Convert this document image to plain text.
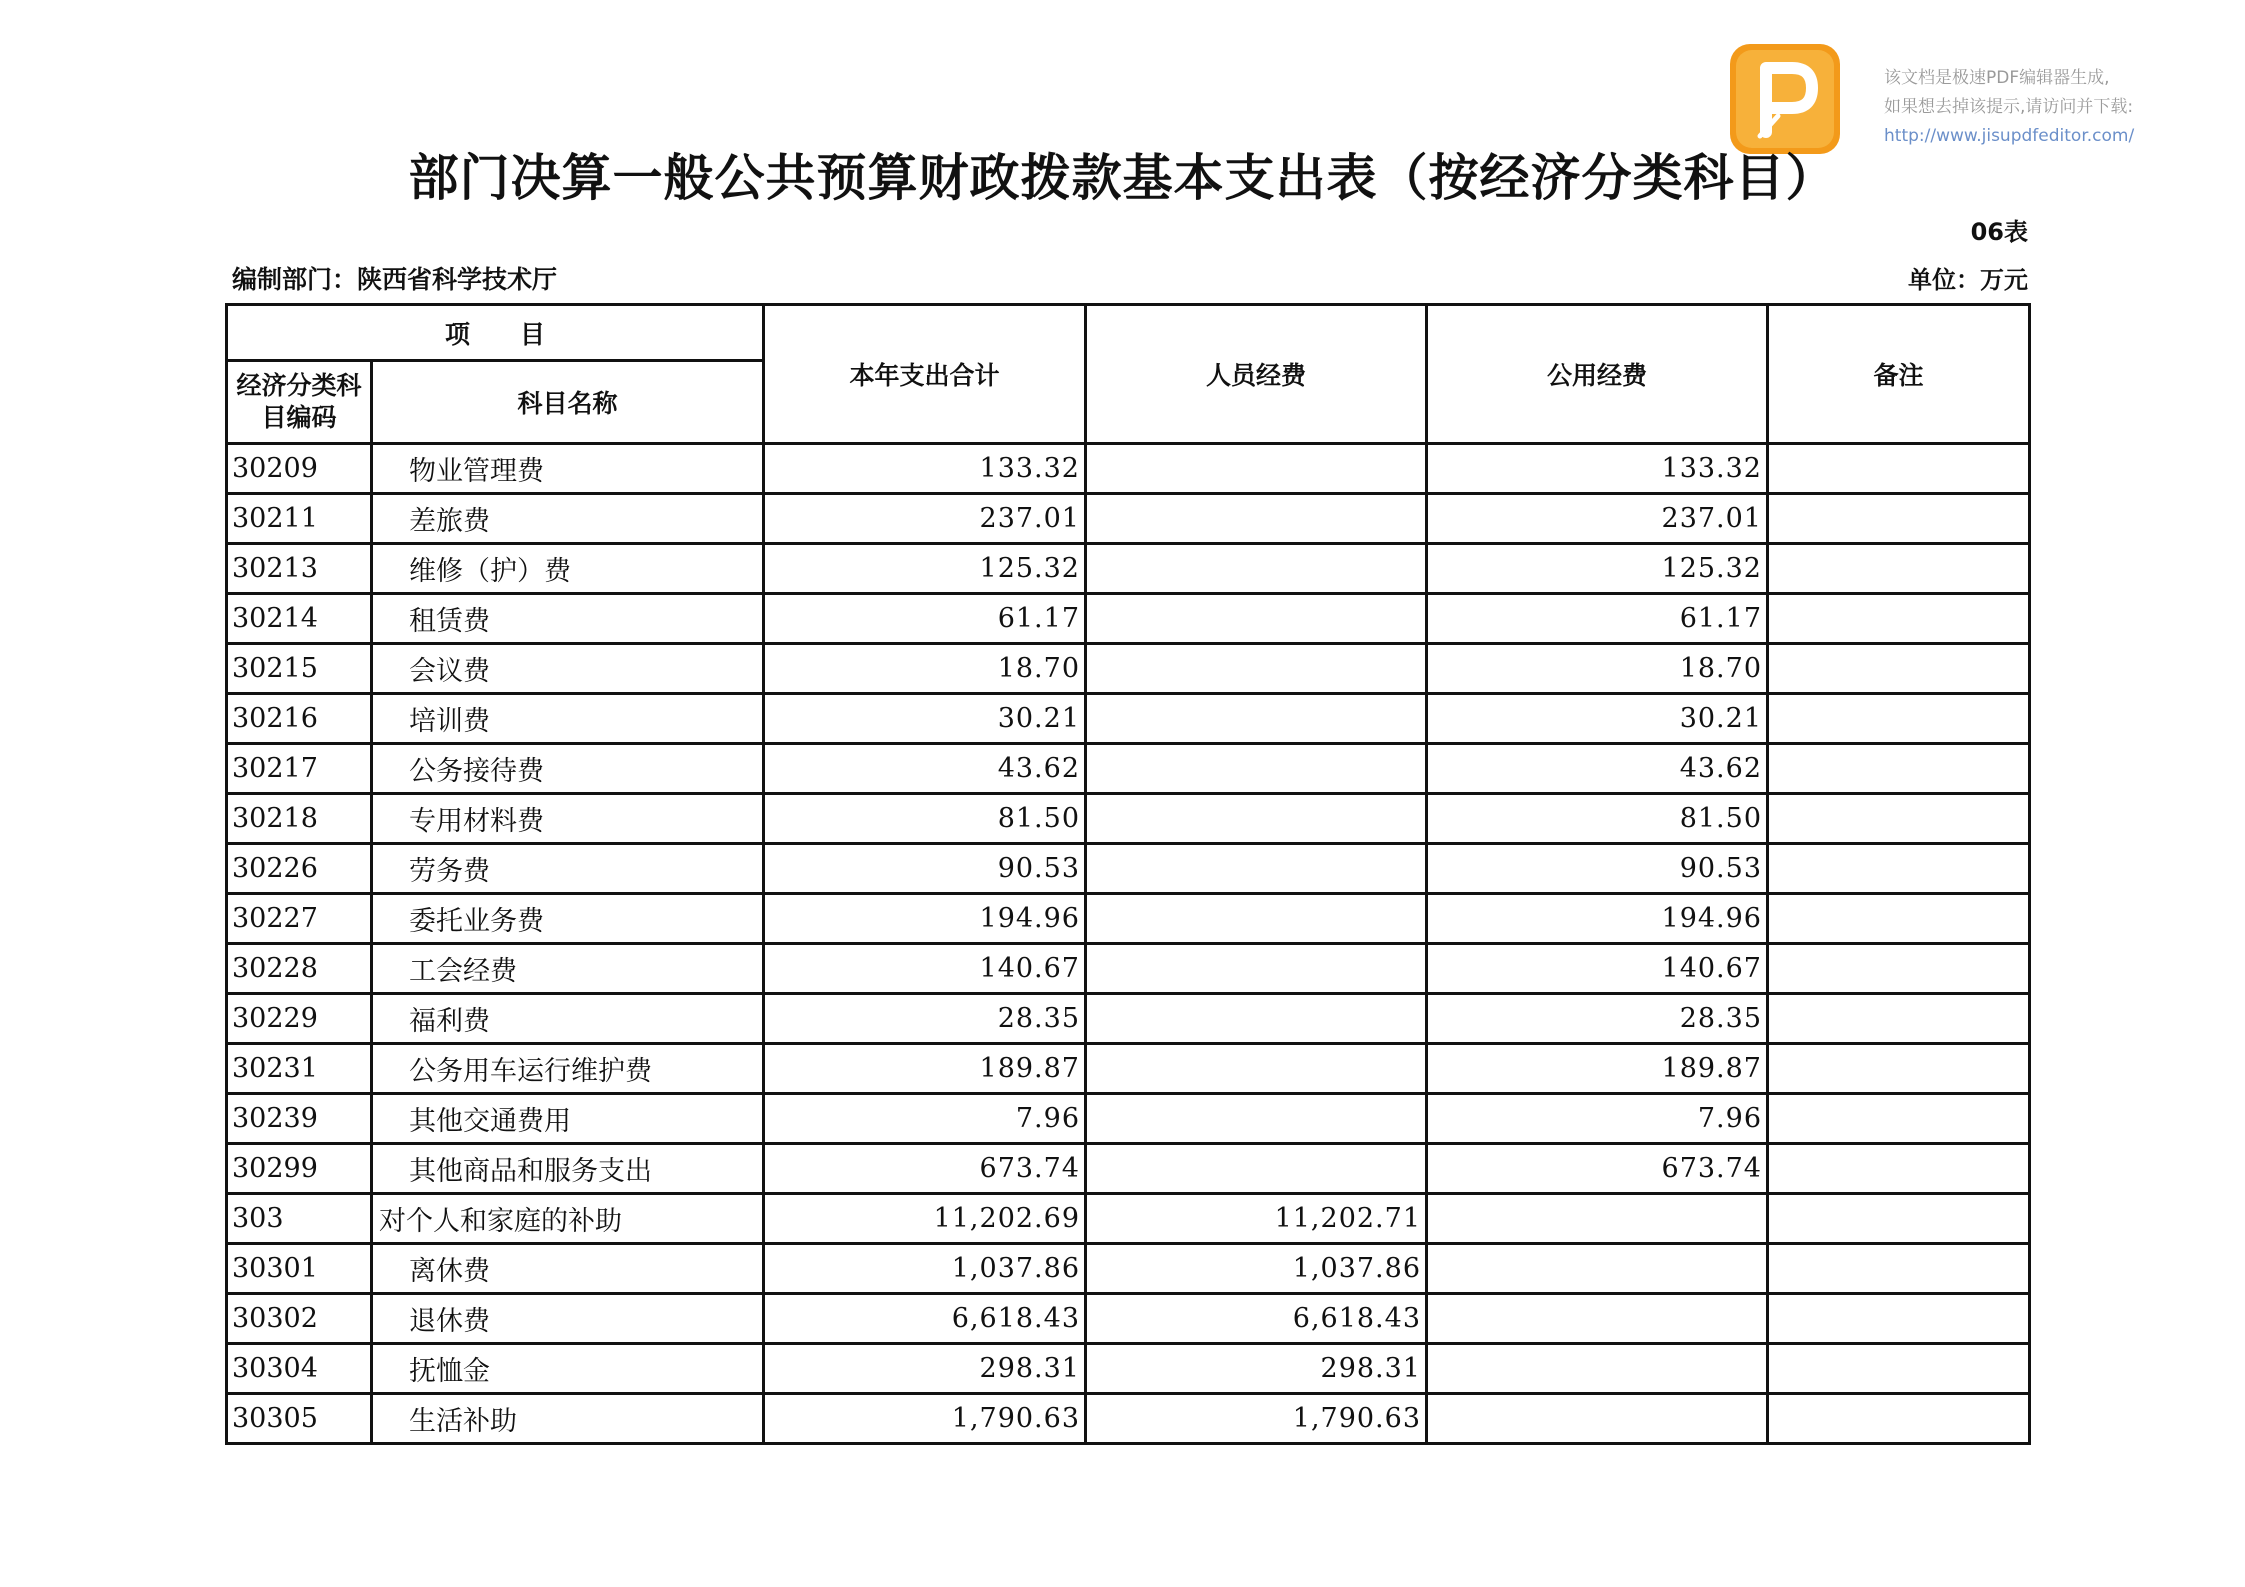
该文档是极速PDF编辑器生成,
如果想去掉该提示,请访问并下载:
http://www.jisupdfeditor.com/
部门决算一般公共预算财政拨款基本支出表（按经济分类科目）
06表
编制部门：陕西省科学技术厅	单位：万元
项　　目		本年支出合计	人员经费	公用经费	备注
经济分类科目编码	科目名称				
30209	物业管理费	133.32		133.32	
30211	差旅费	237.01		237.01	
30213	维修（护）费	125.32		125.32	
30214	租赁费	61.17		61.17	
30215	会议费	18.70		18.70	
30216	培训费	30.21		30.21	
30217	公务接待费	43.62		43.62	
30218	专用材料费	81.50		81.50	
30226	劳务费	90.53		90.53	
30227	委托业务费	194.96		194.96	
30228	工会经费	140.67		140.67	
30229	福利费	28.35		28.35	
30231	公务用车运行维护费	189.87		189.87	
30239	其他交通费用	7.96		7.96	
30299	其他商品和服务支出	673.74		673.74	
303	对个人和家庭的补助	11,202.69	11,202.71		
30301	离休费	1,037.86	1,037.86		
30302	退休费	6,618.43	6,618.43		
30304	抚恤金	298.31	298.31		
30305	生活补助	1,790.63	1,790.63		
